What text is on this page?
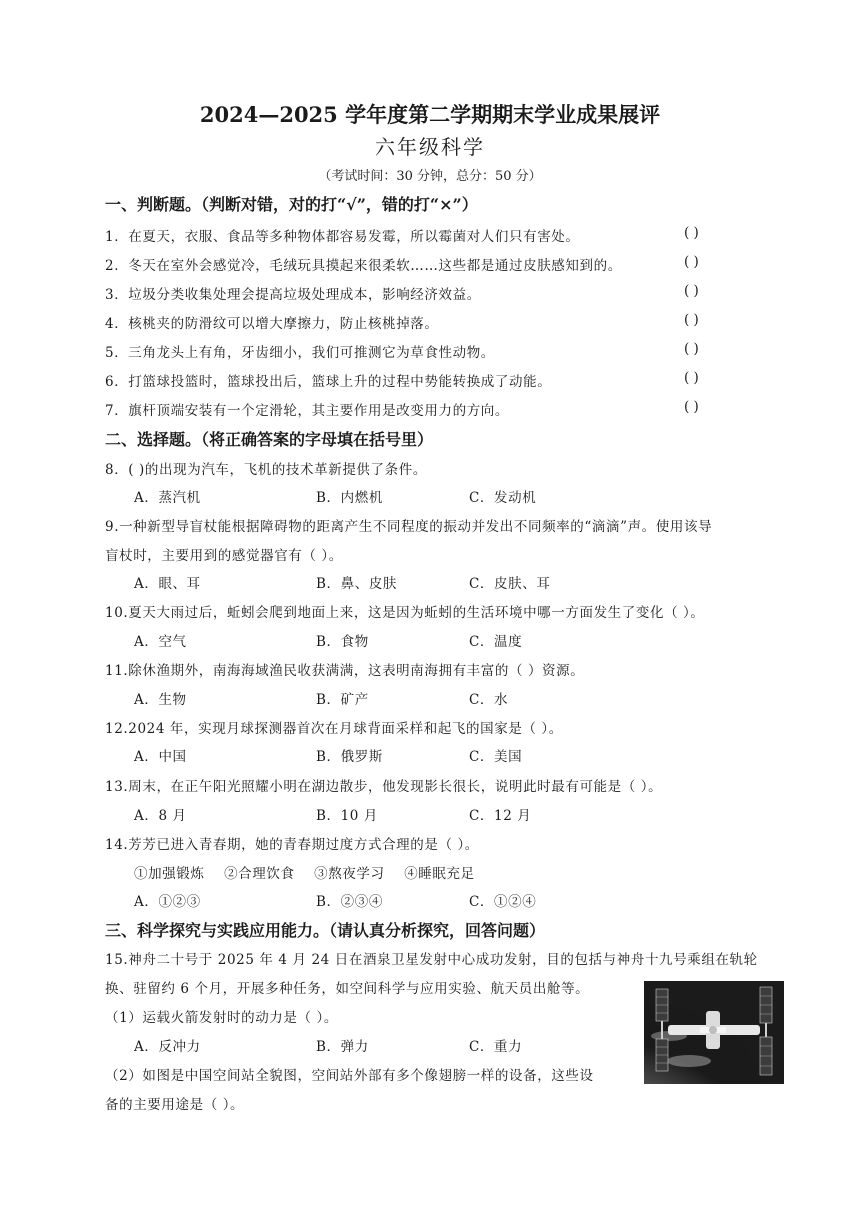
2024—2025 学年度第二学期期末学业成果展评
六年级科学
（考试时间：30 分钟，总分：50 分）
一、判断题。（判断对错，对的打“√”，错的打“×”）
1．在夏天，衣服、食品等多种物体都容易发霉，所以霉菌对人们只有害处。	( )
2．冬天在室外会感觉冷，毛绒玩具摸起来很柔软……这些都是通过皮肤感知到的。	( )
3．垃圾分类收集处理会提高垃圾处理成本，影响经济效益。	( )
4．核桃夹的防滑纹可以增大摩擦力，防止核桃掉落。	( )
5．三角龙头上有角，牙齿细小，我们可推测它为草食性动物。	( )
6．打篮球投篮时，篮球投出后，篮球上升的过程中势能转换成了动能。	( )
7．旗杆顶端安装有一个定滑轮，其主要作用是改变用力的方向。	( )
二、选择题。（将正确答案的字母填在括号里）
8．( )的出现为汽车，飞机的技术革新提供了条件。
A．蒸汽机	B．内燃机	C．发动机
9.一种新型导盲杖能根据障碍物的距离产生不同程度的振动并发出不同频率的“滴滴”声。使用该导
盲杖时，主要用到的感觉器官有（ ）。
A．眼、耳	B．鼻、皮肤	C．皮肤、耳
10.夏天大雨过后，蚯蚓会爬到地面上来，这是因为蚯蚓的生活环境中哪一方面发生了变化（ ）。
A．空气	B．食物	C．温度
11.除休渔期外，南海海域渔民收获满满，这表明南海拥有丰富的（ ）资源。
A．生物	B．矿产	C．水
12.2024 年，实现月球探测器首次在月球背面采样和起飞的国家是（ ）。
A．中国	B．俄罗斯	C．美国
13.周末，在正午阳光照耀小明在湖边散步，他发现影长很长，说明此时最有可能是（ ）。
A．8 月	B．10 月	C．12 月
14.芳芳已进入青春期，她的青春期过度方式合理的是（ ）。
①加强锻炼    ②合理饮食    ③熬夜学习    ④睡眠充足
A．①②③	B．②③④	C．①②④
三、科学探究与实践应用能力。（请认真分析探究，回答问题）
15.神舟二十号于 2025 年 4 月 24 日在酒泉卫星发射中心成功发射，目的包括与神舟十九号乘组在轨轮
换、驻留约 6 个月，开展多种任务，如空间科学与应用实验、航天员出舱等。
（1）运载火箭发射时的动力是（ ）。
A．反冲力	B．弹力	C．重力
（2）如图是中国空间站全貌图，空间站外部有多个像翅膀一样的设备，这些设
备的主要用途是（ ）。
